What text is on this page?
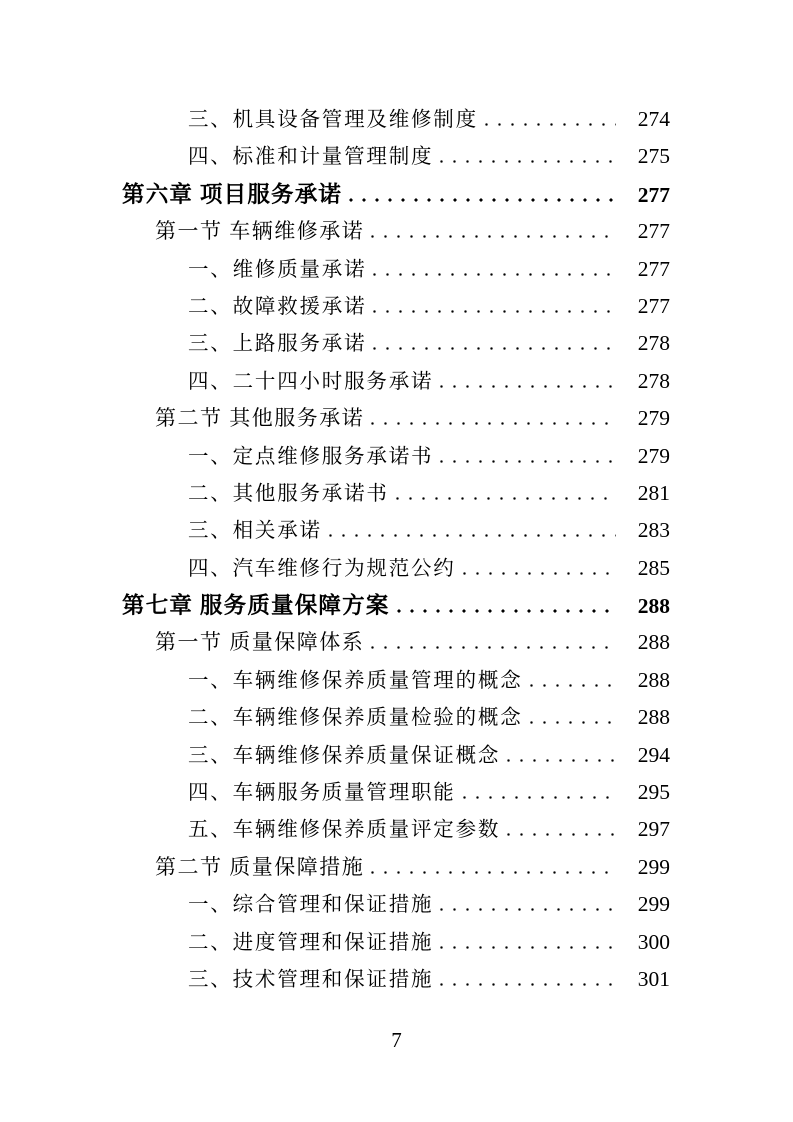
三、机具设备管理及维修制度	274
四、标准和计量管理制度	275
第六章 项目服务承诺	277
第一节 车辆维修承诺	277
一、维修质量承诺	277
二、故障救援承诺	277
三、上路服务承诺	278
四、二十四小时服务承诺	278
第二节 其他服务承诺	279
一、定点维修服务承诺书	279
二、其他服务承诺书	281
三、相关承诺	283
四、汽车维修行为规范公约	285
第七章 服务质量保障方案	288
第一节 质量保障体系	288
一、车辆维修保养质量管理的概念	288
二、车辆维修保养质量检验的概念	288
三、车辆维修保养质量保证概念	294
四、车辆服务质量管理职能	295
五、车辆维修保养质量评定参数	297
第二节 质量保障措施	299
一、综合管理和保证措施	299
二、进度管理和保证措施	300
三、技术管理和保证措施	301
7
